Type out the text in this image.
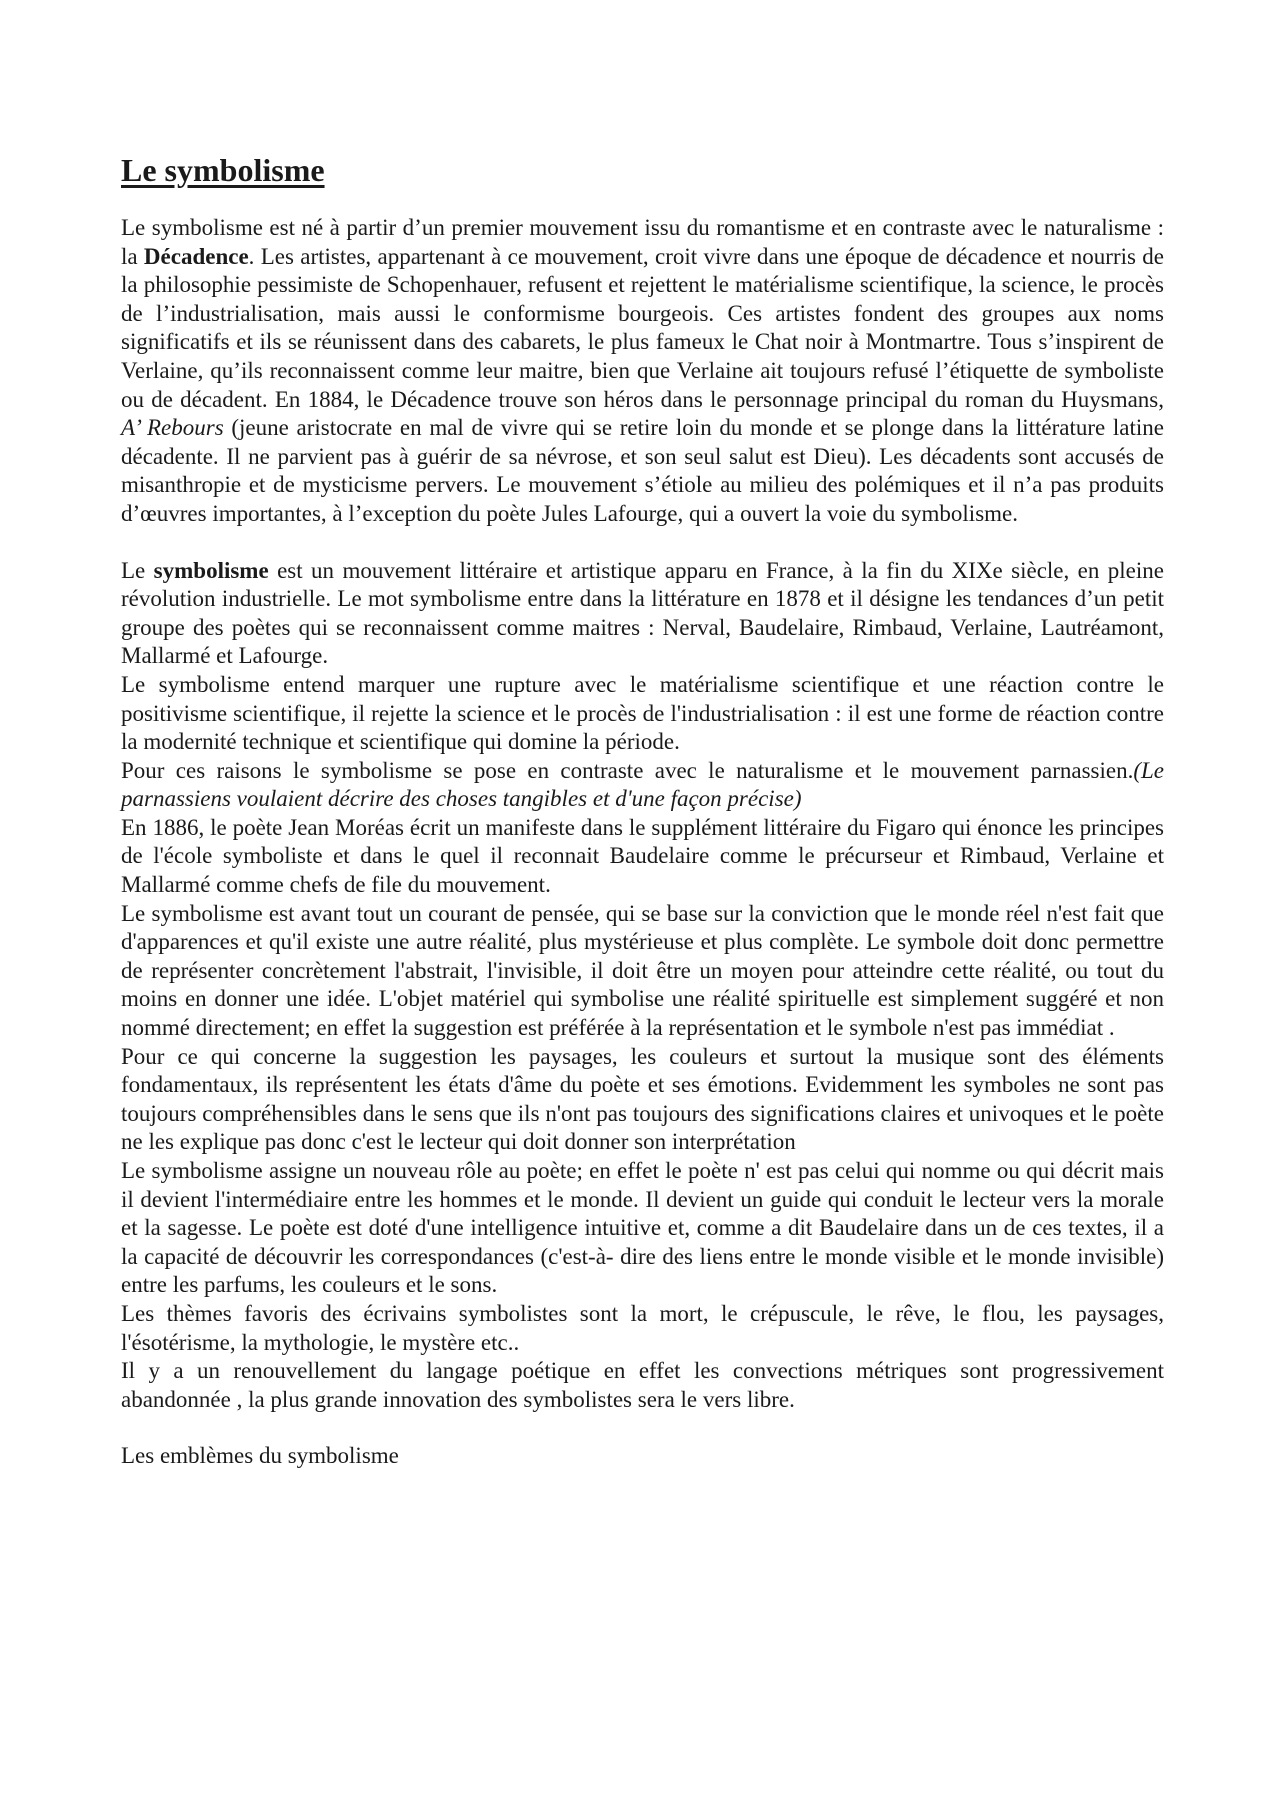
Le symbolisme

Le symbolisme est né à partir d’un premier mouvement issu du romantisme et en contraste avec le naturalisme : la Décadence. Les artistes, appartenant à ce mouvement, croit vivre dans une époque de décadence et nourris de la philosophie pessimiste de Schopenhauer, refusent et rejettent le matérialisme scientifique, la science, le procès de l’industrialisation, mais aussi le conformisme bourgeois. Ces artistes fondent des groupes aux noms significatifs et ils se réunissent dans des cabarets, le plus fameux le Chat noir à Montmartre. Tous s’inspirent de Verlaine, qu’ils reconnaissent comme leur maitre, bien que Verlaine ait toujours refusé l’étiquette de symboliste ou de décadent. En 1884, le Décadence trouve son héros dans le personnage principal du roman du Huysmans, A’ Rebours (jeune aristocrate en mal de vivre qui se retire loin du monde et se plonge dans la littérature latine décadente. Il ne parvient pas à guérir de sa névrose, et son seul salut est Dieu). Les décadents sont accusés de misanthropie et de mysticisme pervers. Le mouvement s’étiole au milieu des polémiques et il n’a pas produits d’œuvres importantes, à l’exception du poète Jules Lafourge, qui a ouvert la voie du symbolisme.

Le symbolisme est un mouvement littéraire et artistique apparu en France, à la fin du XIXe siècle, en pleine révolution industrielle. Le mot symbolisme entre dans la littérature en 1878 et il désigne les tendances d’un petit groupe des poètes qui se reconnaissent comme maitres : Nerval, Baudelaire, Rimbaud, Verlaine, Lautréamont, Mallarmé et Lafourge.

Le symbolisme entend marquer une rupture avec le matérialisme scientifique et une réaction contre le positivisme scientifique, il rejette la science et le procès de l'industrialisation : il est une forme de réaction contre la modernité technique et scientifique qui domine la période.

Pour ces raisons le symbolisme se pose en contraste avec le naturalisme et le mouvement parnassien.(Le parnassiens voulaient décrire des choses tangibles et d'une façon précise)

En 1886, le poète Jean Moréas écrit un manifeste dans le supplément littéraire du Figaro qui énonce les principes de l'école symboliste et dans le quel il reconnait Baudelaire comme le précurseur et Rimbaud, Verlaine et Mallarmé comme chefs de file du mouvement.

Le symbolisme est avant tout un courant de pensée, qui se base sur la conviction que le monde réel n'est fait que d'apparences et qu'il existe une autre réalité, plus mystérieuse et plus complète. Le symbole doit donc permettre de représenter concrètement l'abstrait, l'invisible, il doit être un moyen pour atteindre cette réalité, ou tout du moins en donner une idée. L'objet matériel qui symbolise une réalité spirituelle est simplement suggéré et non nommé directement; en effet la suggestion est préférée à la représentation et le symbole n'est pas immédiat .

Pour ce qui concerne la suggestion les paysages, les couleurs et surtout la musique sont des éléments fondamentaux, ils représentent les états d'âme du poète et ses émotions. Evidemment les symboles ne sont pas toujours compréhensibles dans le sens que ils n'ont pas toujours des significations claires et univoques et le poète ne les explique pas donc c'est le lecteur qui doit donner son interprétation

Le symbolisme assigne un nouveau rôle au poète; en effet le poète n' est pas celui qui nomme ou qui décrit mais il devient l'intermédiaire entre les hommes et le monde. Il devient un guide qui conduit le lecteur vers la morale et la sagesse. Le poète est doté d'une intelligence intuitive et, comme a dit Baudelaire dans un de ces textes, il a la capacité de découvrir les correspondances (c'est-à- dire des liens entre le monde visible et le monde invisible) entre les parfums, les couleurs et le sons.

Les thèmes favoris des écrivains symbolistes sont la mort, le crépuscule, le rêve, le flou, les paysages, l'ésotérisme, la mythologie, le mystère etc..

Il y a un renouvellement du langage poétique en effet les convections métriques sont progressivement abandonnée , la plus grande innovation des symbolistes sera le vers libre.

Les emblèmes du symbolisme
